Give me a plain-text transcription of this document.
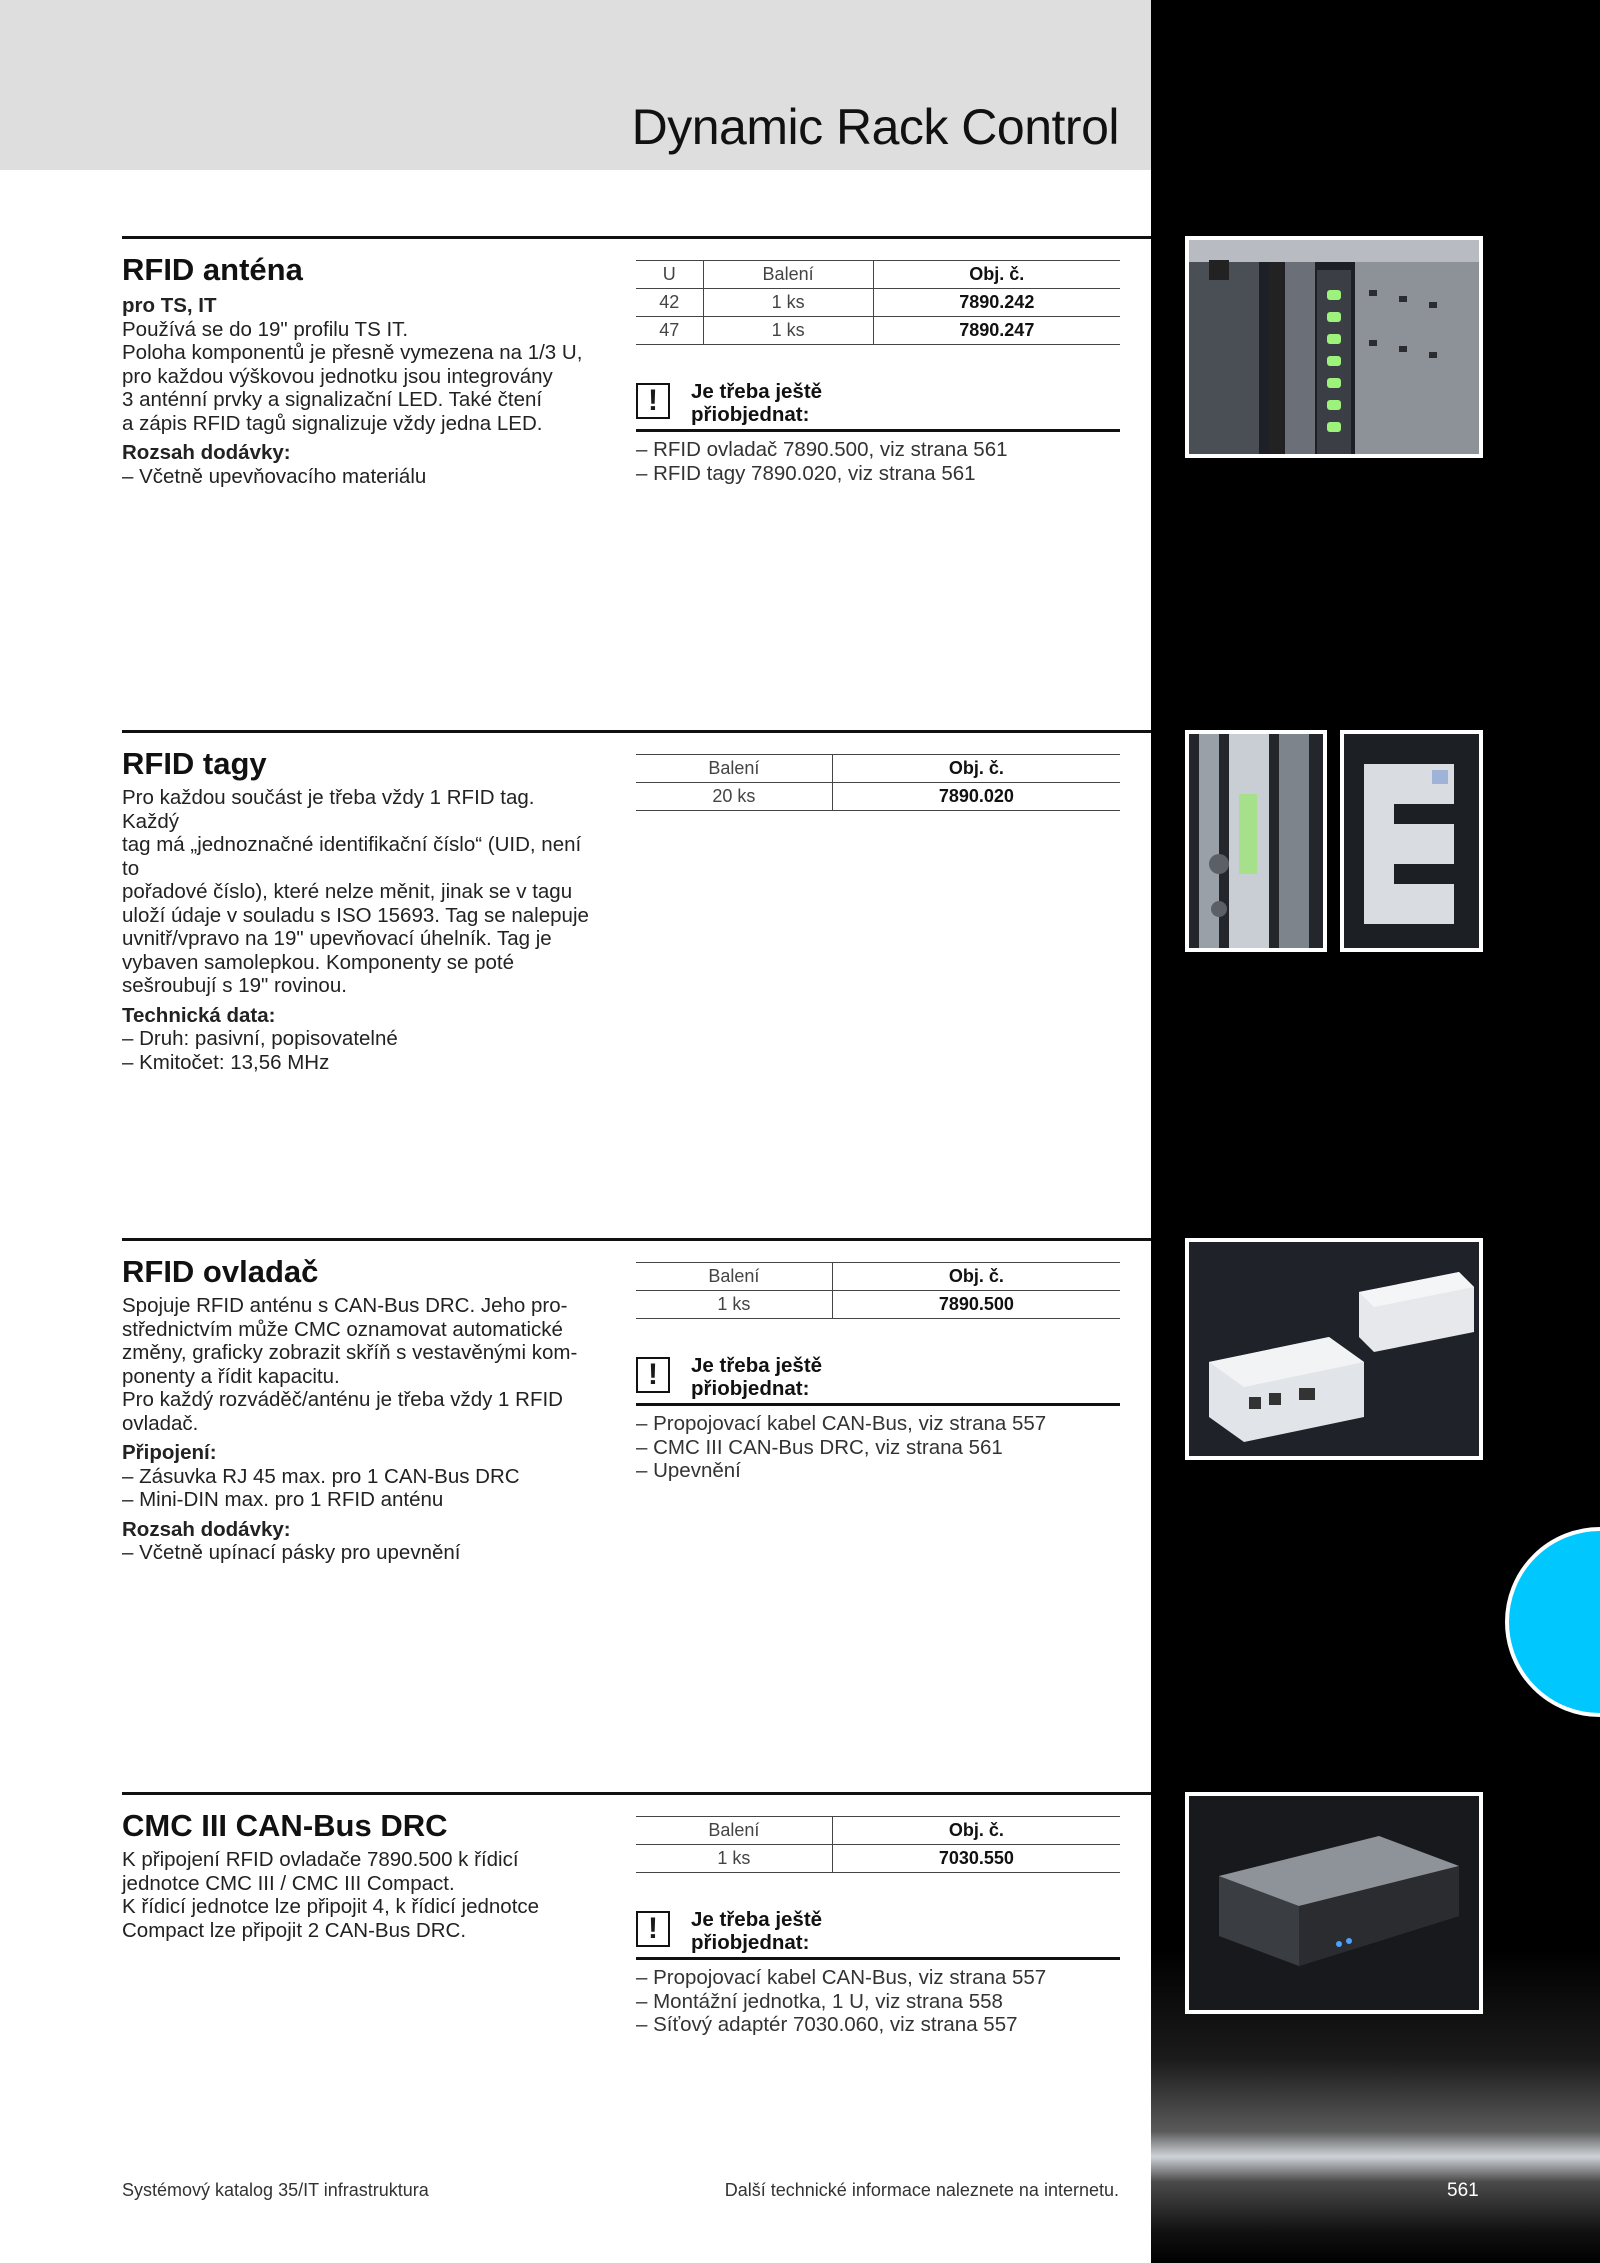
Dynamic Rack Control
RFID anténa

pro TS, IT

Používá se do 19" profilu TS IT.

Poloha komponentů je přesně vymezena na 1/3 U,

pro každou výškovou jednotku jsou integrovány

3 anténní prvky a signalizační LED. Také čtení

a zápis RFID tagů signalizuje vždy jedna LED.

Rozsah dodávky:

– Včetně upevňovacího materiálu

U	Balení	Obj. č.
42	1 ks	7890.242
47	1 ks	7890.247
!	Je třeba ještě
přiobjednat:
– RFID ovladač 7890.500, viz strana 561
– RFID tagy 7890.020, viz strana 561
RFID tagy

Pro každou součást je třeba vždy 1 RFID tag. Každý

tag má „jednoznačné identifikační číslo“ (UID, není to

pořadové číslo), které nelze měnit, jinak se v tagu

uloží údaje v souladu s ISO 15693. Tag se nalepuje

uvnitř/vpravo na 19" upevňovací úhelník. Tag je

vybaven samolepkou. Komponenty se poté

sešroubují s 19" rovinou.

Technická data:

– Druh: pasivní, popisovatelné

– Kmitočet: 13,56 MHz

Balení	Obj. č.
20 ks	7890.020
RFID ovladač

Spojuje RFID anténu s CAN-Bus DRC. Jeho pro-

střednictvím může CMC oznamovat automatické

změny, graficky zobrazit skříň s vestavěnými kom-

ponenty a řídit kapacitu.

Pro každý rozváděč/anténu je třeba vždy 1 RFID

ovladač.

Připojení:

– Zásuvka RJ 45 max. pro 1 CAN-Bus DRC

– Mini-DIN max. pro 1 RFID anténu

Rozsah dodávky:

– Včetně upínací pásky pro upevnění

Balení	Obj. č.
1 ks	7890.500
!	Je třeba ještě
přiobjednat:
– Propojovací kabel CAN-Bus, viz strana 557
– CMC III CAN-Bus DRC, viz strana 561
– Upevnění
CMC III CAN-Bus DRC

K připojení RFID ovladače 7890.500 k řídicí

jednotce CMC III / CMC III Compact.

K řídicí jednotce lze připojit 4, k řídicí jednotce

Compact lze připojit 2 CAN-Bus DRC.

Balení	Obj. č.
1 ks	7030.550
!	Je třeba ještě
přiobjednat:
– Propojovací kabel CAN-Bus, viz strana 557
– Montážní jednotka, 1 U, viz strana 558
– Síťový adaptér 7030.060, viz strana 557
Systémový katalog 35/IT infrastruktura	Další technické informace naleznete na internetu.	561
